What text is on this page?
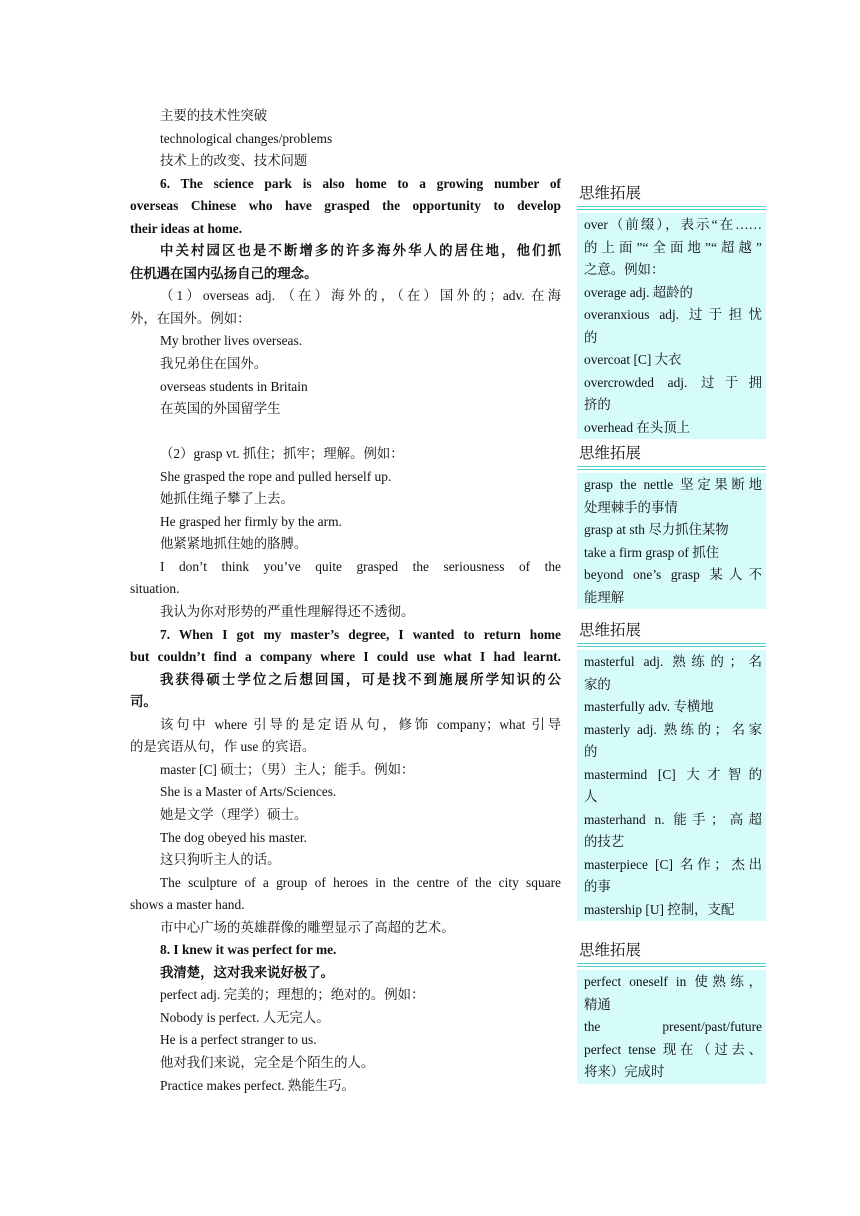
主要的技术性突破
technological changes/problems
技术上的改变、技术问题
6. The science park is also home to a growing number of
overseas Chinese who have grasped the opportunity to develop
their ideas at home.
中关村园区也是不断增多的许多海外华人的居住地，他们抓
住机遇在国内弘扬自己的理念。
（1）overseas adj. （在）海外的，（在）国外的；adv. 在海
外，在国外。例如：
My brother lives overseas.
我兄弟住在国外。
overseas students in Britain
在英国的外国留学生
（2）grasp vt. 抓住；抓牢；理解。例如：
She grasped the rope and pulled herself up.
她抓住绳子攀了上去。
He grasped her firmly by the arm.
他紧紧地抓住她的胳膊。
I don’t think you’ve quite grasped the seriousness of the
situation.
我认为你对形势的严重性理解得还不透彻。
7. When I got my master’s degree, I wanted to return home
but couldn’t find a company where I could use what I had learnt.
我获得硕士学位之后想回国，可是找不到施展所学知识的公
司。
该句中 where 引导的是定语从句，修饰 company；what 引导
的是宾语从句，作 use 的宾语。
master [C] 硕士；（男）主人；能手。例如：
She is a Master of Arts/Sciences.
她是文学（理学）硕士。
The dog obeyed his master.
这只狗听主人的话。
The sculpture of a group of heroes in the centre of the city square
shows a master hand.
市中心广场的英雄群像的雕塑显示了高超的艺术。
8. I knew it was perfect for me.
我清楚，这对我来说好极了。
perfect adj. 完美的；理想的；绝对的。例如：
Nobody is perfect. 人无完人。
He is a perfect stranger to us.
他对我们来说，完全是个陌生的人。
Practice makes perfect. 熟能生巧。
思维拓展
over（前缀），表示“在……
的上面”“全面地”“超越”
之意。例如：
overage adj. 超龄的
overanxious adj. 过于担忧
的
overcoat [C] 大衣
overcrowded adj. 过于拥
挤的
overhead 在头顶上
思维拓展
grasp the nettle 坚定果断地
处理棘手的事情
grasp at sth 尽力抓住某物
take a firm grasp of 抓住
beyond one’s grasp 某人不
能理解
思维拓展
masterful adj. 熟练的；名
家的
masterfully adv. 专横地
masterly adj. 熟练的；名家
的
mastermind [C] 大才智的
人
masterhand n. 能手；高超
的技艺
masterpiece [C] 名作；杰出
的事
mastership [U] 控制，支配
思维拓展
perfect oneself in 使熟练，
精通
the present/past/future
perfect tense 现在（过去、
将来）完成时
